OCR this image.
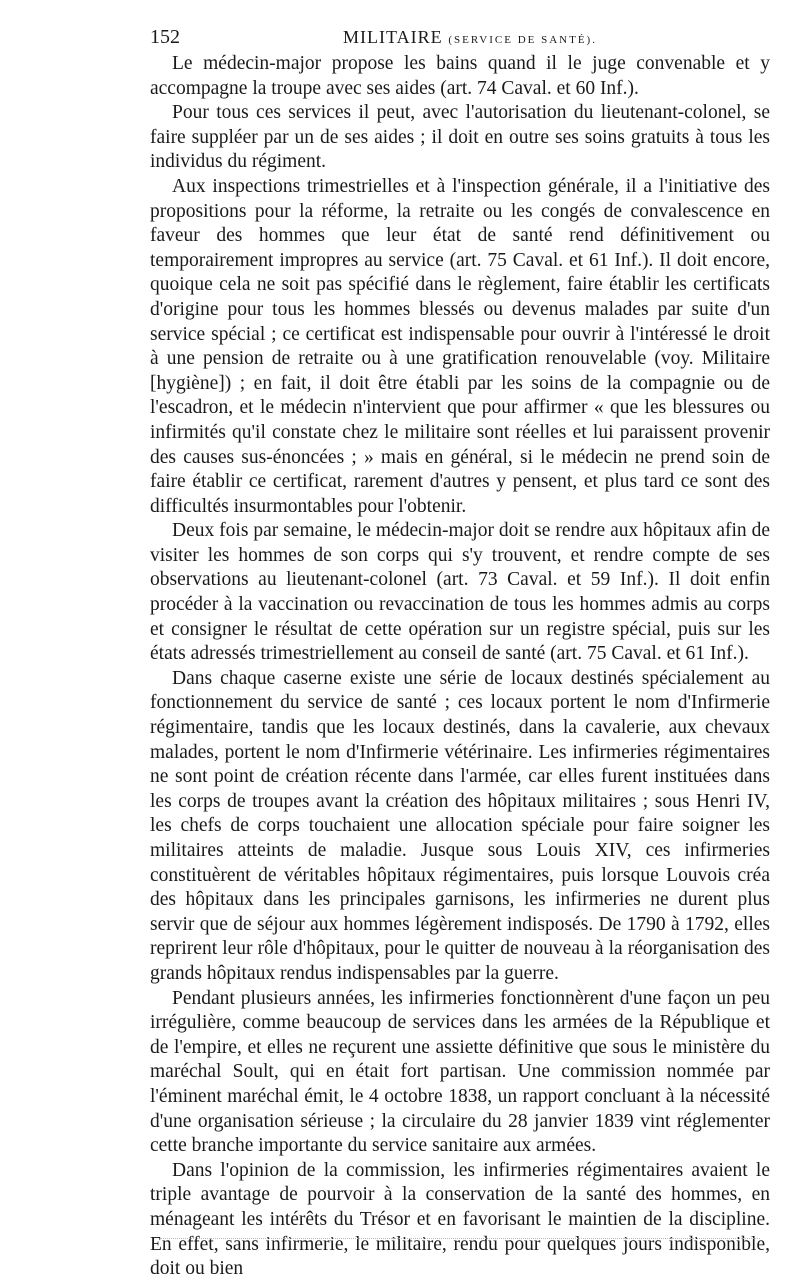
152	MILITAIRE (SERVICE DE SANTÉ).

Le médecin-major propose les bains quand il le juge convenable et y accompagne la troupe avec ses aides (art. 74 Caval. et 60 Inf.).

Pour tous ces services il peut, avec l'autorisation du lieutenant-colonel, se faire suppléer par un de ses aides ; il doit en outre ses soins gratuits à tous les individus du régiment.

Aux inspections trimestrielles et à l'inspection générale, il a l'initiative des propositions pour la réforme, la retraite ou les congés de convalescence en faveur des hommes que leur état de santé rend définitivement ou temporairement impropres au service (art. 75 Caval. et 61 Inf.). Il doit encore, quoique cela ne soit pas spécifié dans le règlement, faire établir les certificats d'origine pour tous les hommes blessés ou devenus malades par suite d'un service spécial ; ce certificat est indispensable pour ouvrir à l'intéressé le droit à une pension de retraite ou à une gratification renouvelable (voy. Militaire [hygiène]) ; en fait, il doit être établi par les soins de la compagnie ou de l'escadron, et le médecin n'intervient que pour affirmer « que les blessures ou infirmités qu'il constate chez le militaire sont réelles et lui paraissent provenir des causes sus-énoncées ; » mais en général, si le médecin ne prend soin de faire établir ce certificat, rarement d'autres y pensent, et plus tard ce sont des difficultés insurmontables pour l'obtenir.

Deux fois par semaine, le médecin-major doit se rendre aux hôpitaux afin de visiter les hommes de son corps qui s'y trouvent, et rendre compte de ses observations au lieutenant-colonel (art. 73 Caval. et 59 Inf.). Il doit enfin procéder à la vaccination ou revaccination de tous les hommes admis au corps et consigner le résultat de cette opération sur un registre spécial, puis sur les états adressés trimestriellement au conseil de santé (art. 75 Caval. et 61 Inf.).

Dans chaque caserne existe une série de locaux destinés spécialement au fonctionnement du service de santé ; ces locaux portent le nom d'Infirmerie régimentaire, tandis que les locaux destinés, dans la cavalerie, aux chevaux malades, portent le nom d'Infirmerie vétérinaire. Les infirmeries régimentaires ne sont point de création récente dans l'armée, car elles furent instituées dans les corps de troupes avant la création des hôpitaux militaires ; sous Henri IV, les chefs de corps touchaient une allocation spéciale pour faire soigner les militaires atteints de maladie. Jusque sous Louis XIV, ces infirmeries constituèrent de véritables hôpitaux régimentaires, puis lorsque Louvois créa des hôpitaux dans les principales garnisons, les infirmeries ne durent plus servir que de séjour aux hommes légèrement indisposés. De 1790 à 1792, elles reprirent leur rôle d'hôpitaux, pour le quitter de nouveau à la réorganisation des grands hôpitaux rendus indispensables par la guerre.

Pendant plusieurs années, les infirmeries fonctionnèrent d'une façon un peu irrégulière, comme beaucoup de services dans les armées de la République et de l'empire, et elles ne reçurent une assiette définitive que sous le ministère du maréchal Soult, qui en était fort partisan. Une commission nommée par l'éminent maréchal émit, le 4 octobre 1838, un rapport concluant à la nécessité d'une organisation sérieuse ; la circulaire du 28 janvier 1839 vint réglementer cette branche importante du service sanitaire aux armées.

Dans l'opinion de la commission, les infirmeries régimentaires avaient le triple avantage de pourvoir à la conservation de la santé des hommes, en ménageant les intérêts du Trésor et en favorisant le maintien de la discipline. En effet, sans infirmerie, le militaire, rendu pour quelques jours indisponible, doit ou bien
